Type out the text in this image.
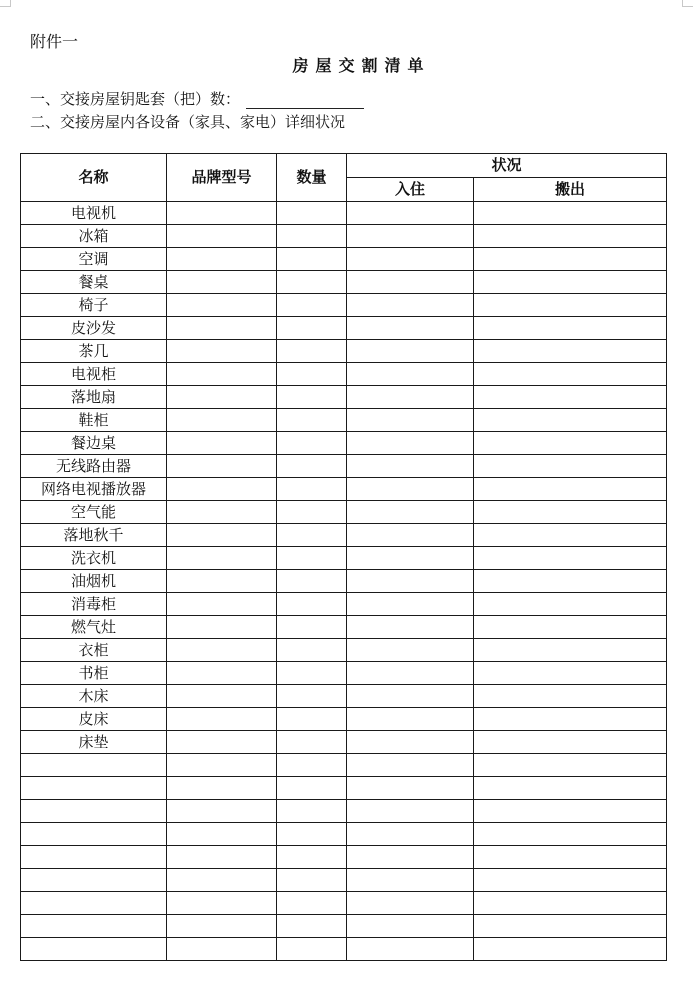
附件一
房屋交割清单
一、交接房屋钥匙套（把）数：
二、交接房屋内各设备（家具、家电）详细状况
名称	品牌型号	数量	状况	
			入住	搬出
电视机				
冰箱				
空调				
餐桌				
椅子				
皮沙发				
茶几				
电视柜				
落地扇				
鞋柜				
餐边桌				
无线路由器				
网络电视播放器				
空气能				
落地秋千				
洗衣机				
油烟机				
消毒柜				
燃气灶				
衣柜				
书柜				
木床				
皮床				
床垫				
